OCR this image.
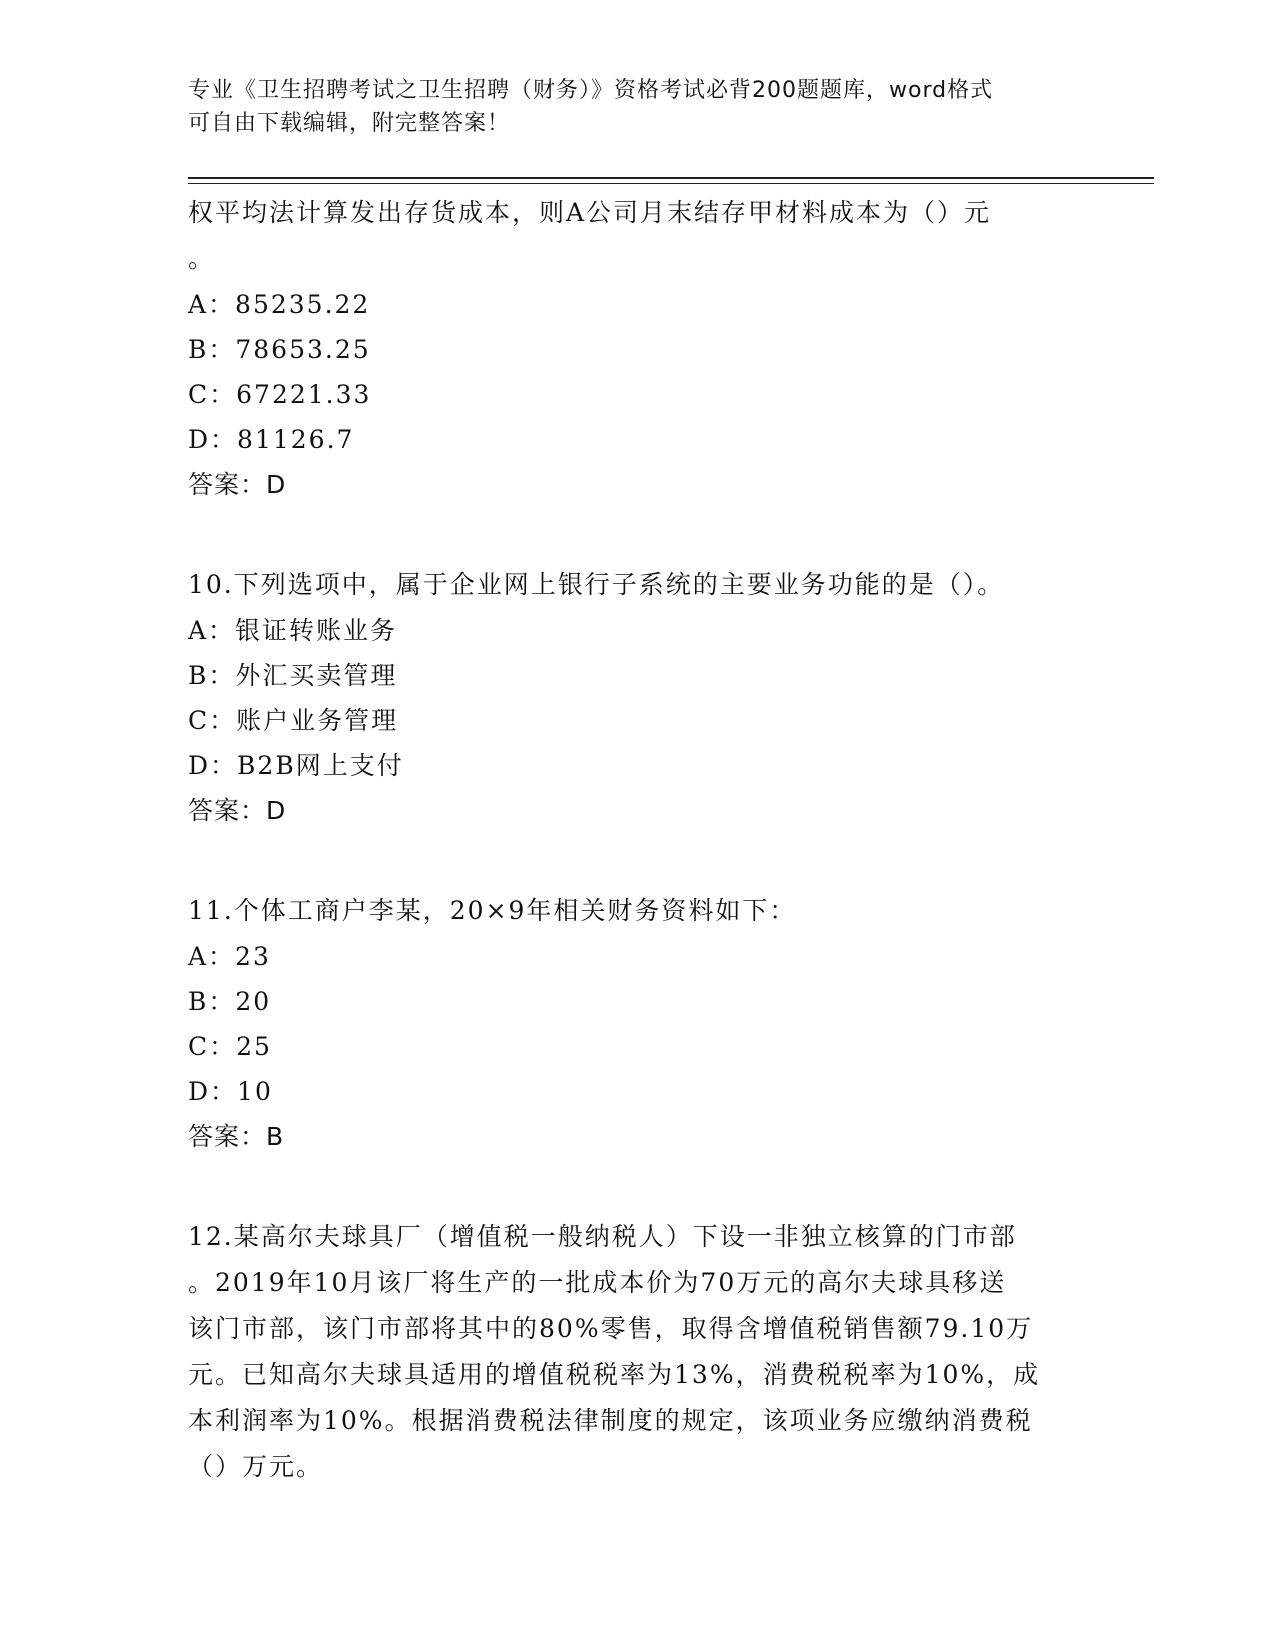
专业《卫生招聘考试之卫生招聘（财务）》资格考试必背200题题库，word格式
可自由下载编辑，附完整答案！
权平均法计算发出存货成本，则A公司月末结存甲材料成本为（）元
。
A：85235.22
B：78653.25
C：67221.33
D：81126.7
答案：D
10.下列选项中，属于企业网上银行子系统的主要业务功能的是（）。
A：银证转账业务
B：外汇买卖管理
C：账户业务管理
D：B2B网上支付
答案：D
11.个体工商户李某，20×9年相关财务资料如下：
A：23
B：20
C：25
D：10
答案：B
12.某高尔夫球具厂（增值税一般纳税人）下设一非独立核算的门市部
。2019年10月该厂将生产的一批成本价为70万元的高尔夫球具移送
该门市部，该门市部将其中的80%零售，取得含增值税销售额79.10万
元。已知高尔夫球具适用的增值税税率为13%，消费税税率为10%，成
本利润率为10%。根据消费税法律制度的规定，该项业务应缴纳消费税
（）万元。
